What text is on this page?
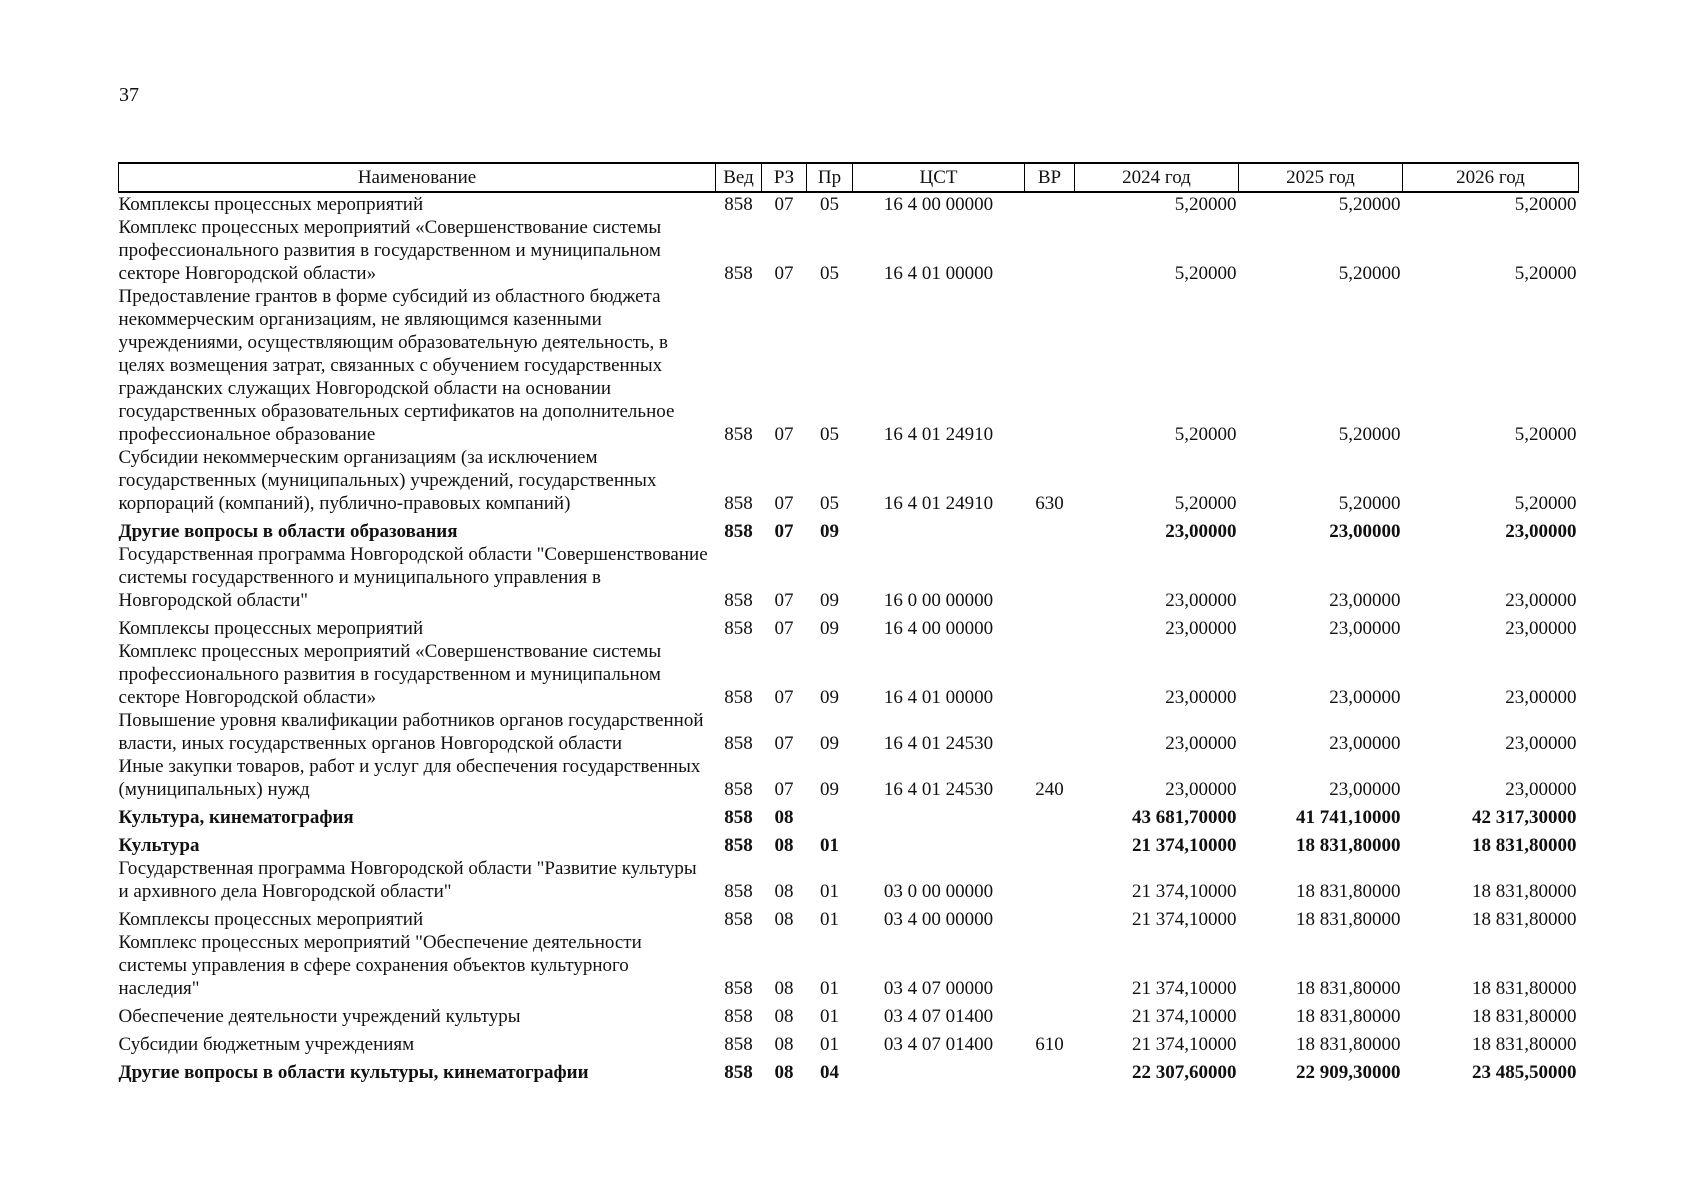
37
Наименование	Вед	РЗ	Пр	ЦСТ	ВР	2024 год	2025 год	2026 год
Комплексы процессных мероприятий	858	07	05	16 4 00 00000		5,20000	5,20000	5,20000
Комплекс процессных мероприятий «Совершенствование системы профессионального развития в государственном и муниципальном секторе Новгородской области»	858	07	05	16 4 01 00000		5,20000	5,20000	5,20000
Предоставление грантов в форме субсидий из областного бюджета некоммерческим организациям, не являющимся казенными учреждениями, осуществляющим образовательную деятельность, в целях возмещения затрат, связанных с обучением государственных гражданских служащих Новгородской области на основании государственных образовательных сертификатов на дополнительное профессиональное образование	858	07	05	16 4 01 24910		5,20000	5,20000	5,20000
Субсидии некоммерческим организациям (за исключением государственных (муниципальных) учреждений, государственных корпораций (компаний), публично-правовых компаний)	858	07	05	16 4 01 24910	630	5,20000	5,20000	5,20000
Другие вопросы в области образования	858	07	09			23,00000	23,00000	23,00000
Государственная программа Новгородской области "Совершенствование системы государственного и муниципального управления в Новгородской области"	858	07	09	16 0 00 00000		23,00000	23,00000	23,00000
Комплексы процессных мероприятий	858	07	09	16 4 00 00000		23,00000	23,00000	23,00000
Комплекс процессных мероприятий «Совершенствование системы профессионального развития в государственном и муниципальном секторе Новгородской области»	858	07	09	16 4 01 00000		23,00000	23,00000	23,00000
Повышение уровня квалификации работников органов государственной власти, иных государственных органов Новгородской области	858	07	09	16 4 01 24530		23,00000	23,00000	23,00000
Иные закупки товаров, работ и услуг для обеспечения государственных (муниципальных) нужд	858	07	09	16 4 01 24530	240	23,00000	23,00000	23,00000
Культура, кинематография	858	08				43 681,70000	41 741,10000	42 317,30000
Культура	858	08	01			21 374,10000	18 831,80000	18 831,80000
Государственная программа Новгородской области "Развитие культуры и архивного дела Новгородской области"	858	08	01	03 0 00 00000		21 374,10000	18 831,80000	18 831,80000
Комплексы процессных мероприятий	858	08	01	03 4 00 00000		21 374,10000	18 831,80000	18 831,80000
Комплекс процессных мероприятий "Обеспечение деятельности системы управления в сфере сохранения объектов культурного наследия"	858	08	01	03 4 07 00000		21 374,10000	18 831,80000	18 831,80000
Обеспечение деятельности учреждений культуры	858	08	01	03 4 07 01400		21 374,10000	18 831,80000	18 831,80000
Субсидии бюджетным учреждениям	858	08	01	03 4 07 01400	610	21 374,10000	18 831,80000	18 831,80000
Другие вопросы в области культуры, кинематографии	858	08	04			22 307,60000	22 909,30000	23 485,50000
